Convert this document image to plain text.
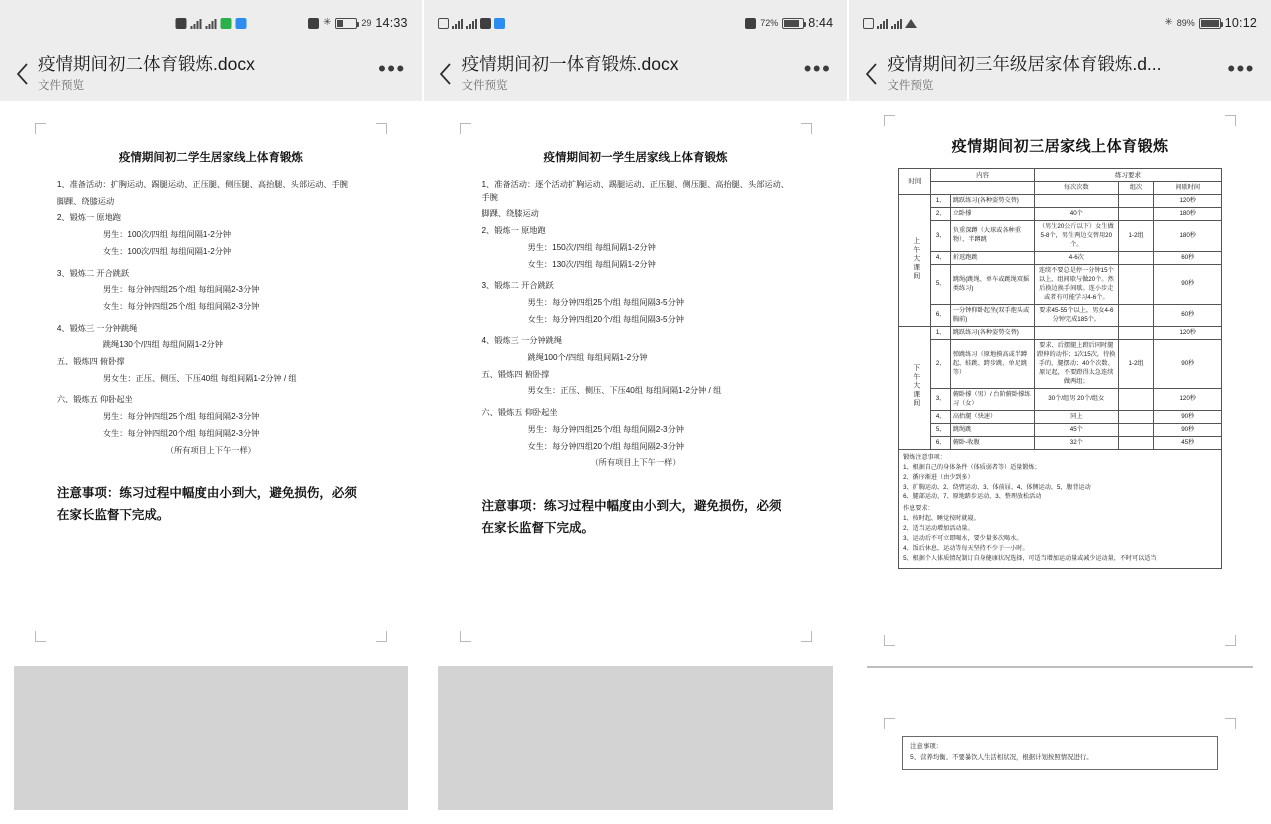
✳	29 14:33
疫情期间初二体育锻炼.docx
文件预览
•••
疫情期间初二学生居家线上体育锻炼

1、准备活动：扩胸运动、踢腿运动、正压腿、侧压腿、高抬腿、头部运动、手腕

脚踝、绕膝运动

2、锻炼一 原地跑

男生：100次/四组 每组间隔1-2分钟

女生：100次/四组 每组间隔1-2分钟

3、锻炼二 开合跳跃

男生：每分钟四组25个/组 每组间隔2-3分钟

女生：每分钟四组25个/组 每组间隔2-3分钟

4、锻炼三 一分钟跳绳

跳绳130个/四组 每组间隔1-2分钟

五、锻炼四 俯卧撑

男女生：正压、侧压、下压40组 每组间隔1-2分钟 / 组

六、锻炼五 仰卧起坐

男生：每分钟四组25个/组 每组间隔2-3分钟

女生：每分钟四组20个/组 每组间隔2-3分钟

（所有项目上下午一样）

注意事项：练习过程中幅度由小到大，避免损伤，必须在家长监督下完成。
72% 8:44
疫情期间初一体育锻炼.docx
文件预览
•••
疫情期间初一学生居家线上体育锻炼

1、准备活动：逐个活动扩胸运动、踢腿运动、正压腿、侧压腿、高抬腿、头部运动、手腕

脚踝、绕膝运动

2、锻炼一 原地跑

男生：150次/四组 每组间隔1-2分钟

女生：130次/四组 每组间隔1-2分钟

3、锻炼二 开合跳跃

男生：每分钟四组25个/组 每组间隔3-5分钟

女生：每分钟四组20个/组 每组间隔3-5分钟

4、锻炼三 一分钟跳绳

跳绳100个/四组 每组间隔1-2分钟

五、锻炼四 俯卧撑

男女生：正压、侧压、下压40组 每组间隔1-2分钟 / 组

六、锻炼五 仰卧起坐

男生：每分钟四组25个/组 每组间隔2-3分钟

女生：每分钟四组20个/组 每组间隔2-3分钟

（所有项目上下午一样）

注意事项：练习过程中幅度由小到大，避免损伤，必须在家长监督下完成。
✳ 89% 10:12
疫情期间初三年级居家体育锻炼.d...
文件预览
•••
疫情期间初三居家线上体育锻炼
时间	内容		练习要求		
			每次次数	组次	间歇时间
上午大课间	1、	跳跃练习(各种姿势交替)			120秒
	2、	立卧撑	40个		180秒
	3、	负重深蹲（大球或各种重物）、半蹲跳	（男生20公斤以下）女生做5-8个，男生两边交替用20个。	1-2组	180秒
	4、	折返跑跳	4-6次		60秒
	5、	跳绳(跳绳、单车或跳绳双摇类练习)	连续不要总是停一分钟15个以上，组间歇与做20个。然后换边换手间歇。连小步走或者有可能学习4-6个。		90秒
	6、	一分钟仰卧起坐(双手抱头或胸前)	要求45-55个以上，男女4-6分钟完成185个。		60秒
下午大课间	1、	跳跃练习(各种姿势交替)			120秒
	2、	弹跳练习（原地摸高或半蹲起、蛙跳、跨步跳、单足跳等）	要求、后摆腿上蹬后同时腿蹬伸的动作；1次15次，待换手的，腿摆动；40个次数、原足起，不要蹬得太急连续做两组；	1-2组	90秒
	3、	俯卧撑（男）/ 台阶俯卧撑练习（女）	30个/组男 20个/组女		120秒
	4、	高抬腿（快速）	同上		90秒
	5、	跳绳跳	45个		90秒
	6、	俯卧-收腹	32个		45秒
锻炼注意事项：
1、根据自己的身体条件（体质弱者等）适量锻炼；
2、循序渐进（由少到多）
3、扩胸运动、2、绕臂运动、3、体前屈、4、体侧运动、5、腹背运动
6、腿部运动、7、原地踏步运动、3、整理放松活动
作息要求：
1、按时起、睡觉按时就寝。
2、适当运动增加活动量。
3、运动后不可立即喝水，要少量多次喝水。
4、饭后休息，运动等每天坚持不少于一小时。
5、根据个人体质情况制订自身健康状况选择，可适当增加运动量或减少运动量，不时可以适当
注意事项：
5、营养均衡、不要暴饮人生活相状况，根据计划按照情况进行。
